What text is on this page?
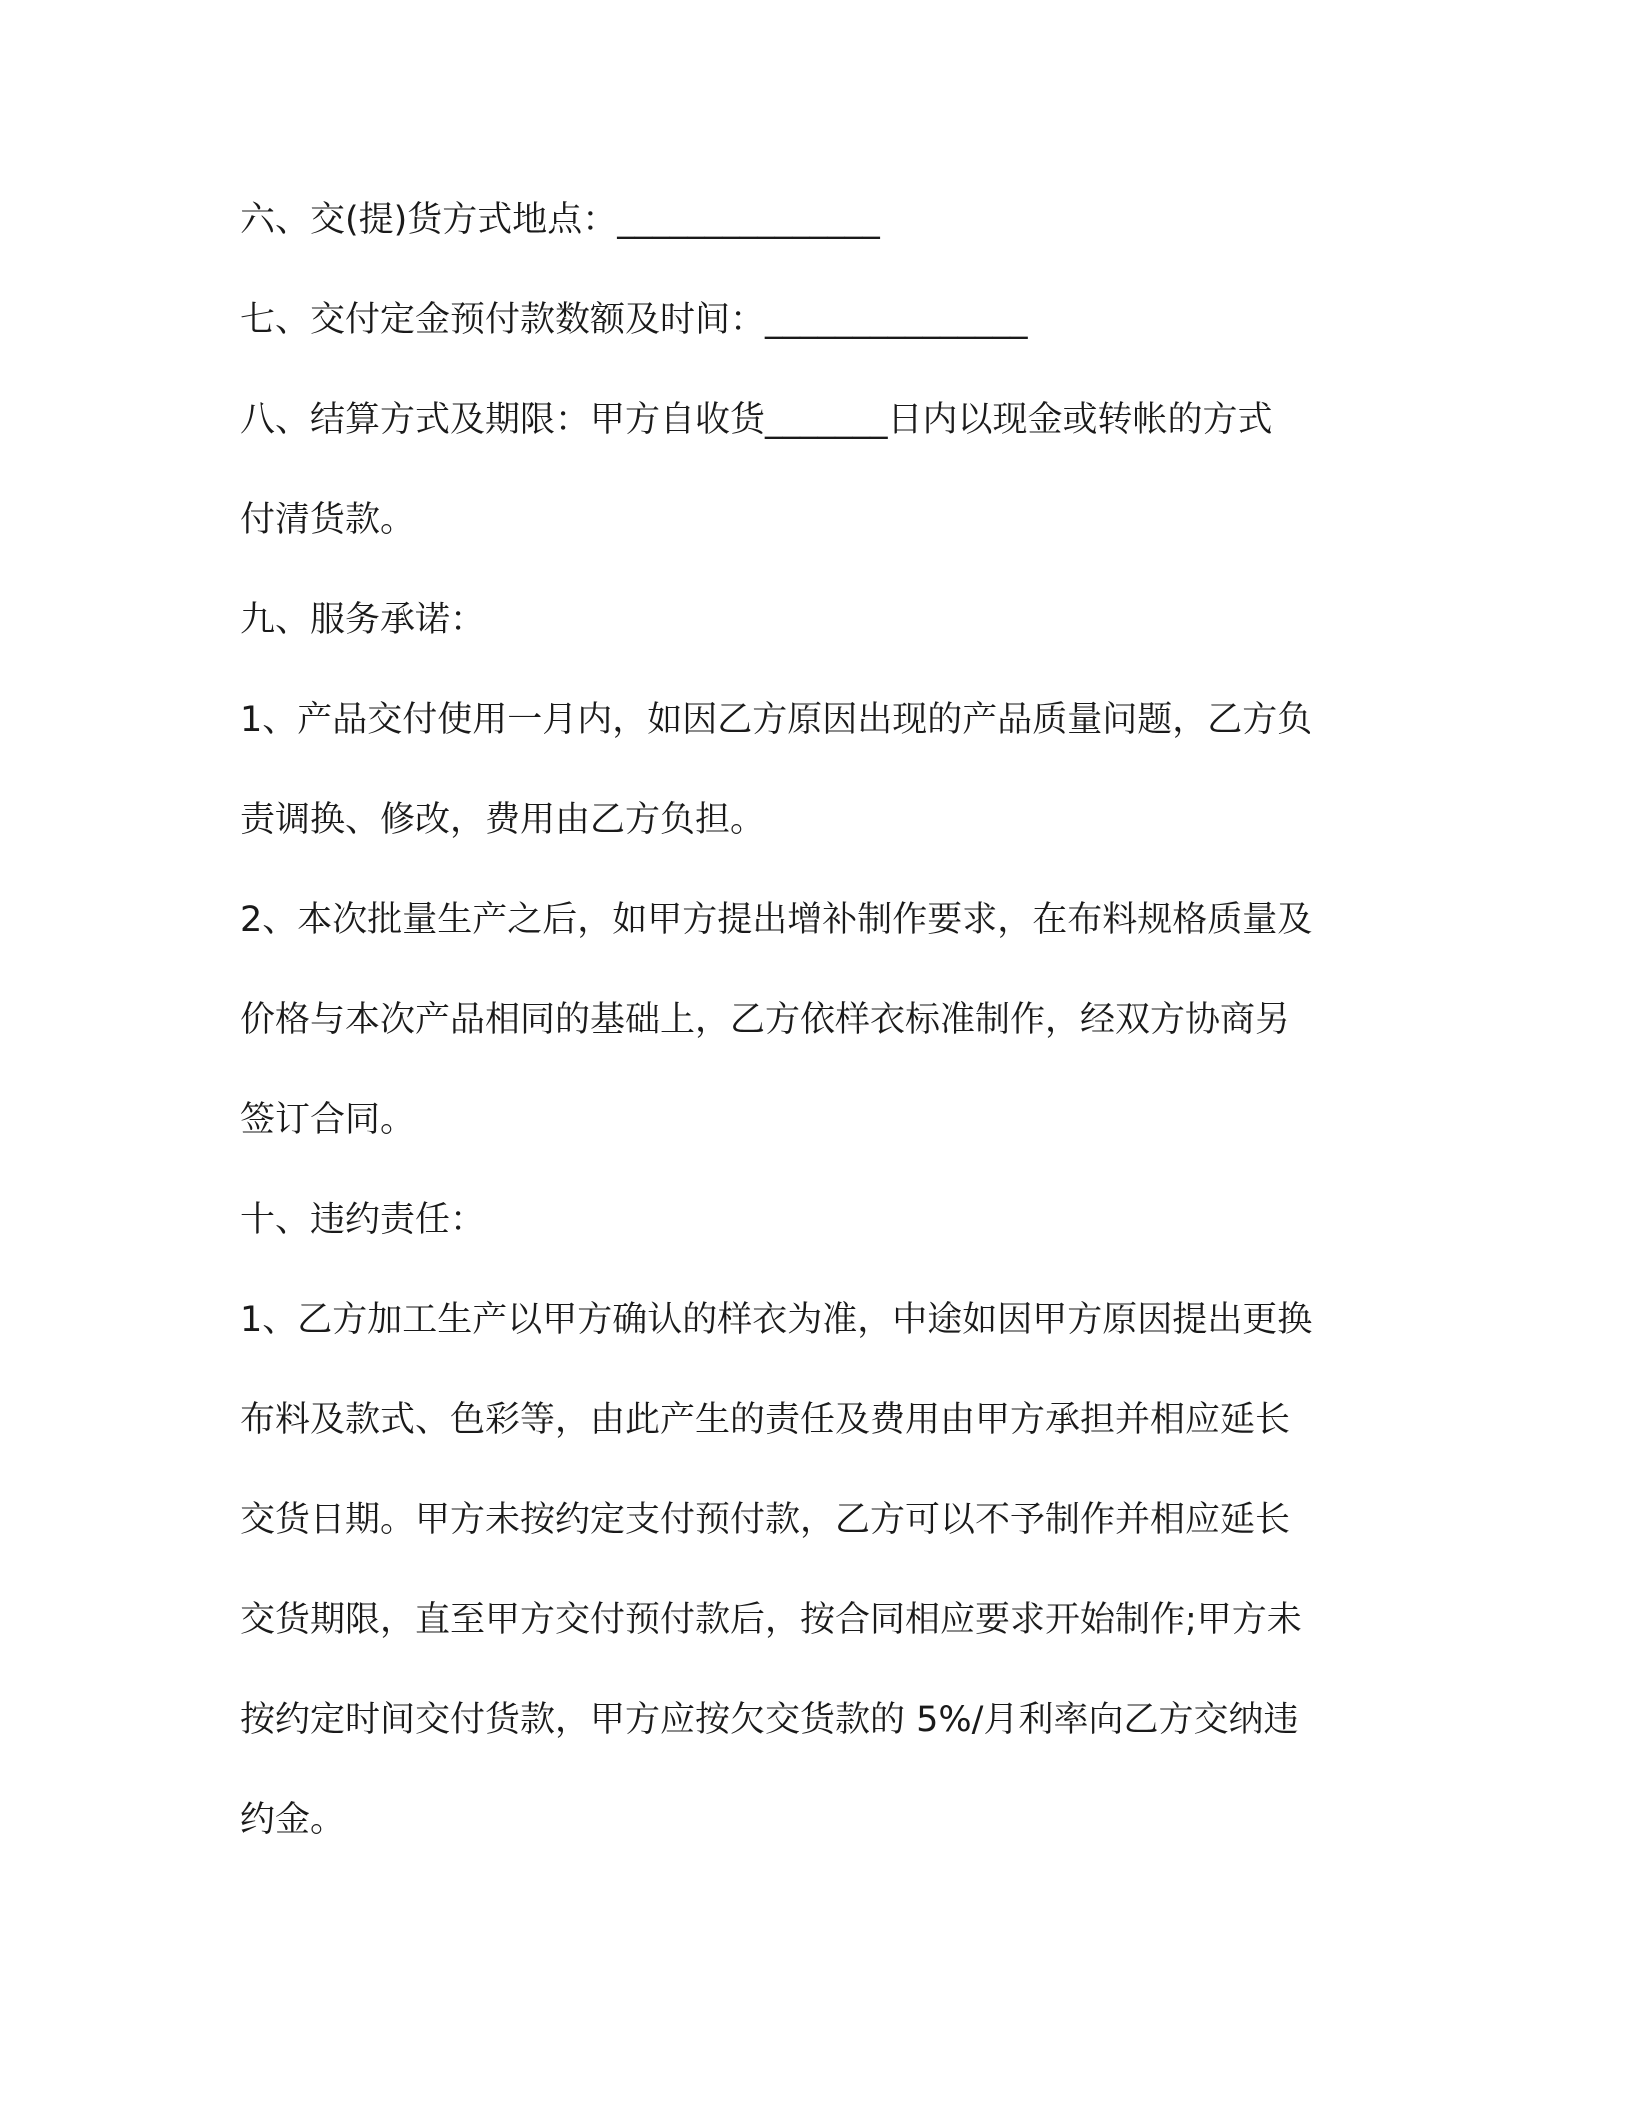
六、交(提)货方式地点：_______________

七、交付定金预付款数额及时间：_______________

八、结算方式及期限：甲方自收货_______日内以现金或转帐的方式

付清货款。

九、服务承诺：

1、产品交付使用一月内，如因乙方原因出现的产品质量问题，乙方负

责调换、修改，费用由乙方负担。

2、本次批量生产之后，如甲方提出增补制作要求，在布料规格质量及

价格与本次产品相同的基础上，乙方依样衣标准制作，经双方协商另

签订合同。

十、违约责任：

1、乙方加工生产以甲方确认的样衣为准，中途如因甲方原因提出更换

布料及款式、色彩等，由此产生的责任及费用由甲方承担并相应延长

交货日期。甲方未按约定支付预付款，乙方可以不予制作并相应延长

交货期限，直至甲方交付预付款后，按合同相应要求开始制作;甲方未

按约定时间交付货款，甲方应按欠交货款的 5%/月利率向乙方交纳违

约金。
